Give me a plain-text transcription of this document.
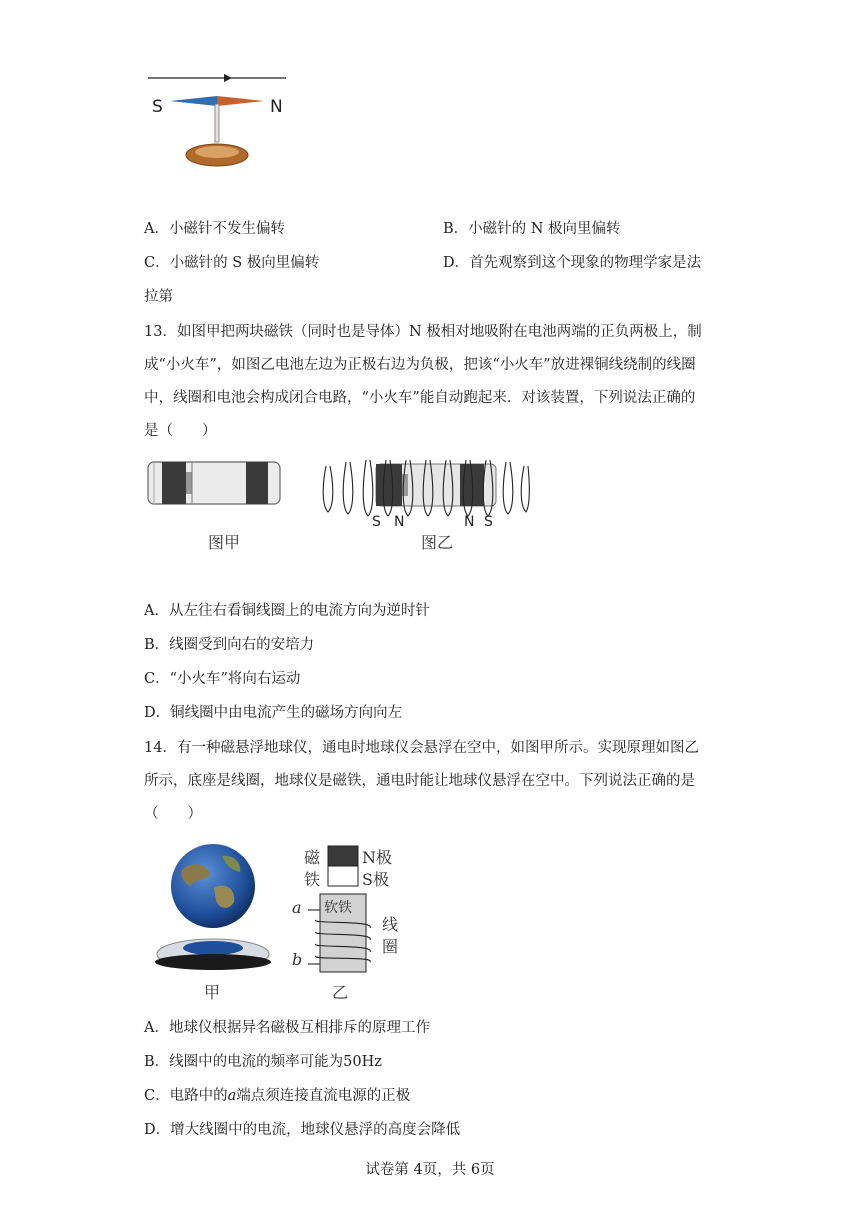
S	N
A．小磁针不发生偏转	B．小磁针的 N 极向里偏转
C．小磁针的 S 极向里偏转	D．首先观察到这个现象的物理学家是法
拉第
13．如图甲把两块磁铁（同时也是导体）N 极相对地吸附在电池两端的正负两极上，制
成“小火车”，如图乙电池左边为正极右边为负极，把该“小火车”放进裸铜线绕制的线圈
中，线圈和电池会构成闭合电路，“小火车”能自动跑起来．对该装置，下列说法正确的
是（　　）
图甲
S N	N S
图乙
A．从左往右看铜线圈上的电流方向为逆时针
B．线圈受到向右的安培力
C．“小火车”将向右运动
D．铜线圈中由电流产生的磁场方向向左
14．有一种磁悬浮地球仪，通电时地球仪会悬浮在空中，如图甲所示。实现原理如图乙
所示，底座是线圈，地球仪是磁铁，通电时能让地球仪悬浮在空中。下列说法正确的是
（　　）
甲
磁
铁
N极
S极
软铁
线
圈
a
b
乙
A．地球仪根据异名磁极互相排斥的原理工作
B．线圈中的电流的频率可能为50Hz
C．电路中的a端点须连接直流电源的正极
D．增大线圈中的电流，地球仪悬浮的高度会降低
试卷第 4页，共 6页
